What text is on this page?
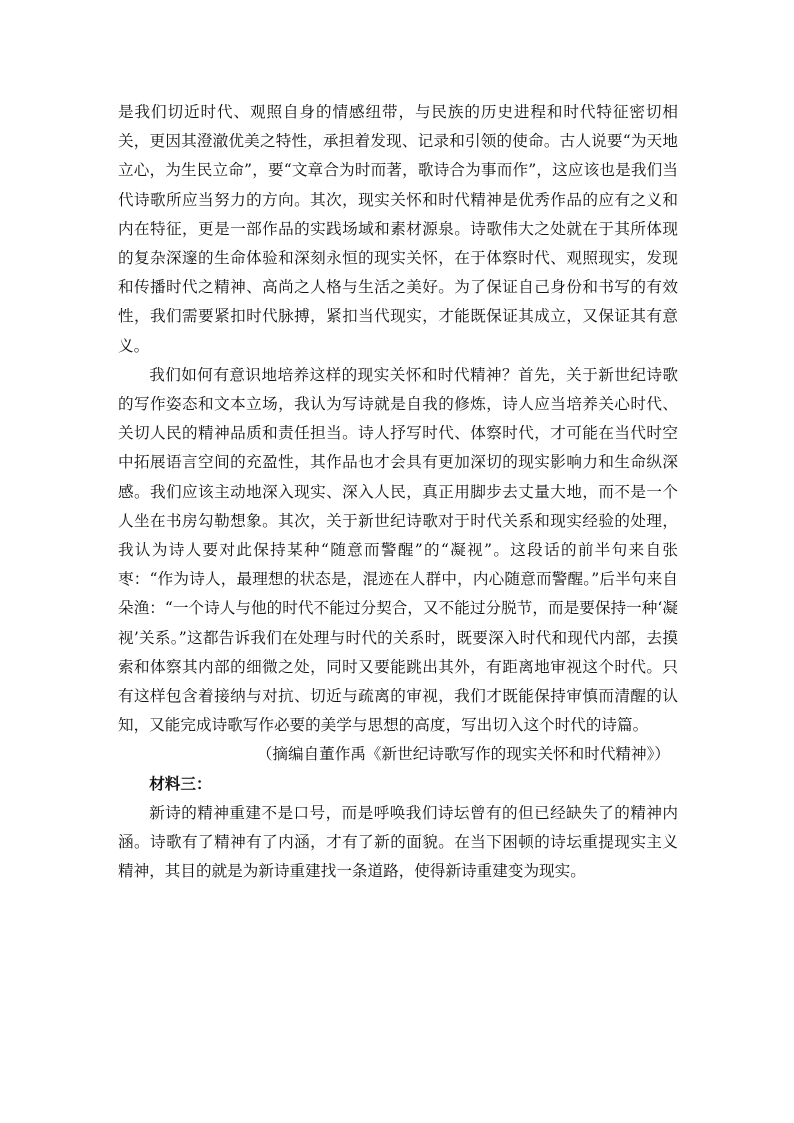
是我们切近时代、观照自身的情感纽带，与民族的历史进程和时代特征密切相关，更因其澄澈优美之特性，承担着发现、记录和引领的使命。古人说要“为天地立心，为生民立命”，要“文章合为时而著，歌诗合为事而作”，这应该也是我们当代诗歌所应当努力的方向。其次，现实关怀和时代精神是优秀作品的应有之义和内在特征，更是一部作品的实践场域和素材源泉。诗歌伟大之处就在于其所体现的复杂深邃的生命体验和深刻永恒的现实关怀，在于体察时代、观照现实，发现和传播时代之精神、高尚之人格与生活之美好。为了保证自己身份和书写的有效性，我们需要紧扣时代脉搏，紧扣当代现实，才能既保证其成立，又保证其有意义。

我们如何有意识地培养这样的现实关怀和时代精神？首先，关于新世纪诗歌的写作姿态和文本立场，我认为写诗就是自我的修炼，诗人应当培养关心时代、关切人民的精神品质和责任担当。诗人抒写时代、体察时代，才可能在当代时空中拓展语言空间的充盈性，其作品也才会具有更加深切的现实影响力和生命纵深感。我们应该主动地深入现实、深入人民，真正用脚步去丈量大地，而不是一个人坐在书房勾勒想象。其次，关于新世纪诗歌对于时代关系和现实经验的处理，我认为诗人要对此保持某种“随意而警醒”的“凝视”。这段话的前半句来自张枣：“作为诗人，最理想的状态是，混迹在人群中，内心随意而警醒。”后半句来自朵渔：“一个诗人与他的时代不能过分契合，又不能过分脱节，而是要保持一种‘凝视’关系。”这都告诉我们在处理与时代的关系时，既要深入时代和现代内部，去摸索和体察其内部的细微之处，同时又要能跳出其外，有距离地审视这个时代。只有这样包含着接纳与对抗、切近与疏离的审视，我们才既能保持审慎而清醒的认知，又能完成诗歌写作必要的美学与思想的高度，写出切入这个时代的诗篇。

（摘编自董作禹《新世纪诗歌写作的现实关怀和时代精神》）

材料三：

新诗的精神重建不是口号，而是呼唤我们诗坛曾有的但已经缺失了的精神内涵。诗歌有了精神有了内涵，才有了新的面貌。在当下困顿的诗坛重提现实主义精神，其目的就是为新诗重建找一条道路，使得新诗重建变为现实。
